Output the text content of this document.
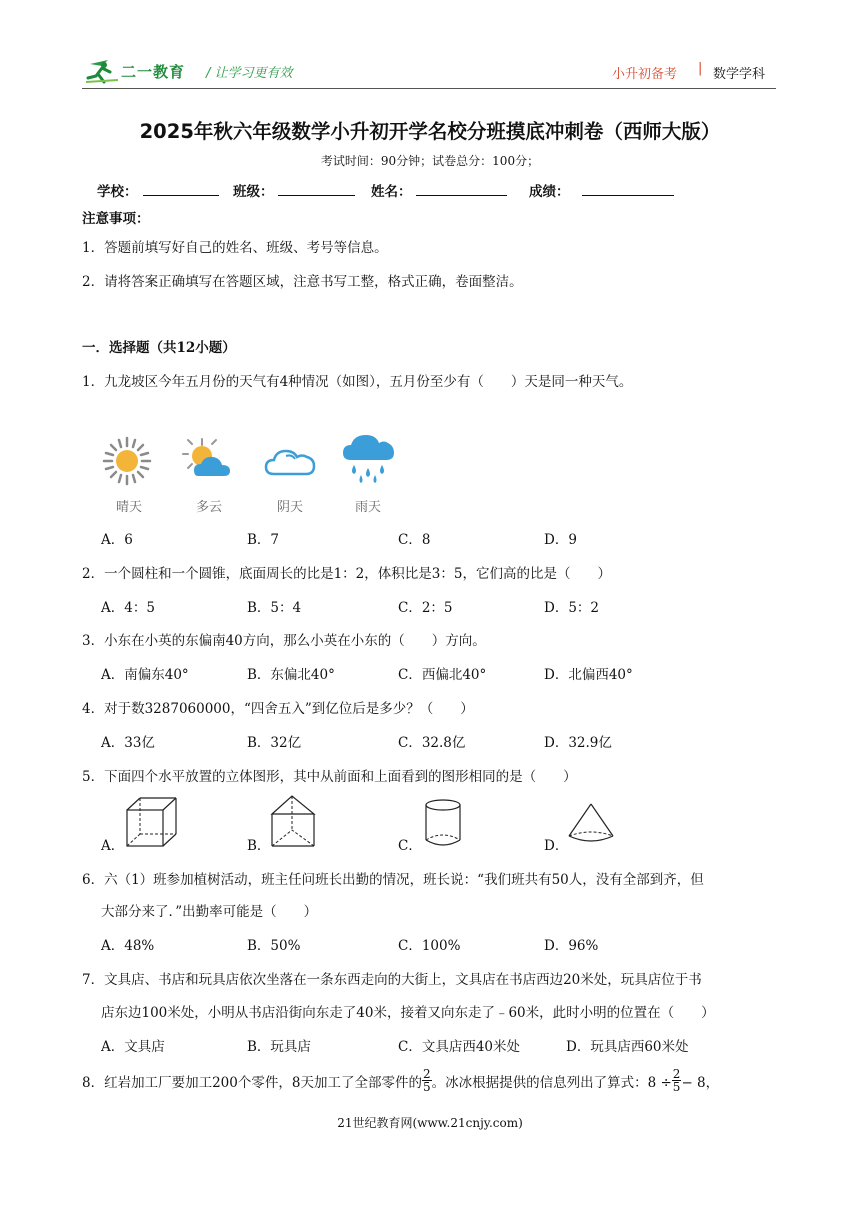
二一教育 / 让学习更有效	小升初备考 | 数学学科
2025年秋六年级数学小升初开学名校分班摸底冲刺卷（西师大版）
考试时间：90分钟；试卷总分：100分；
学校：	班级：	姓名：	成绩：
注意事项：
1．答题前填写好自己的姓名、班级、考号等信息。
2．请将答案正确填写在答题区域，注意书写工整，格式正确，卷面整洁。
一．选择题（共12小题）
1．九龙坡区今年五月份的天气有4种情况（如图），五月份至少有（　　）天是同一种天气。
晴天	多云	阴天	雨天
A．6	B．7	C．8	D．9
2．一个圆柱和一个圆锥，底面周长的比是1：2，体积比是3：5，它们高的比是（　　）
A．4：5	B．5：4	C．2：5	D．5：2
3．小东在小英的东偏南40方向，那么小英在小东的（　　）方向。
A．南偏东40°	B．东偏北40°	C．西偏北40°	D．北偏西40°
4．对于数3287060000，“四舍五入”到亿位后是多少？（　　）
A．33亿	B．32亿	C．32.8亿	D．32.9亿
5．下面四个水平放置的立体图形，其中从前面和上面看到的图形相同的是（　　）
A．	B．	C．	D．
6．六（1）班参加植树活动，班主任问班长出勤的情况，班长说：“我们班共有50人，没有全部到齐，但
大部分来了．”出勤率可能是（　　）
A．48%	B．50%	C．100%	D．96%
7．文具店、书店和玩具店依次坐落在一条东西走向的大街上，文具店在书店西边20米处，玩具店位于书
店东边100米处，小明从书店沿街向东走了40米，接着又向东走了﹣60米，此时小明的位置在（　　）
A．文具店	B．玩具店	C．文具店西40米处	D．玩具店西60米处
8．红岩加工厂要加工200个零件，8天加工了全部零件的 $\frac{2}{5}$ 。冰冰根据提供的信息列出了算式：$8 \div \frac{2}{5} - 8$，
21世纪教育网(www.21cnjy.com)
